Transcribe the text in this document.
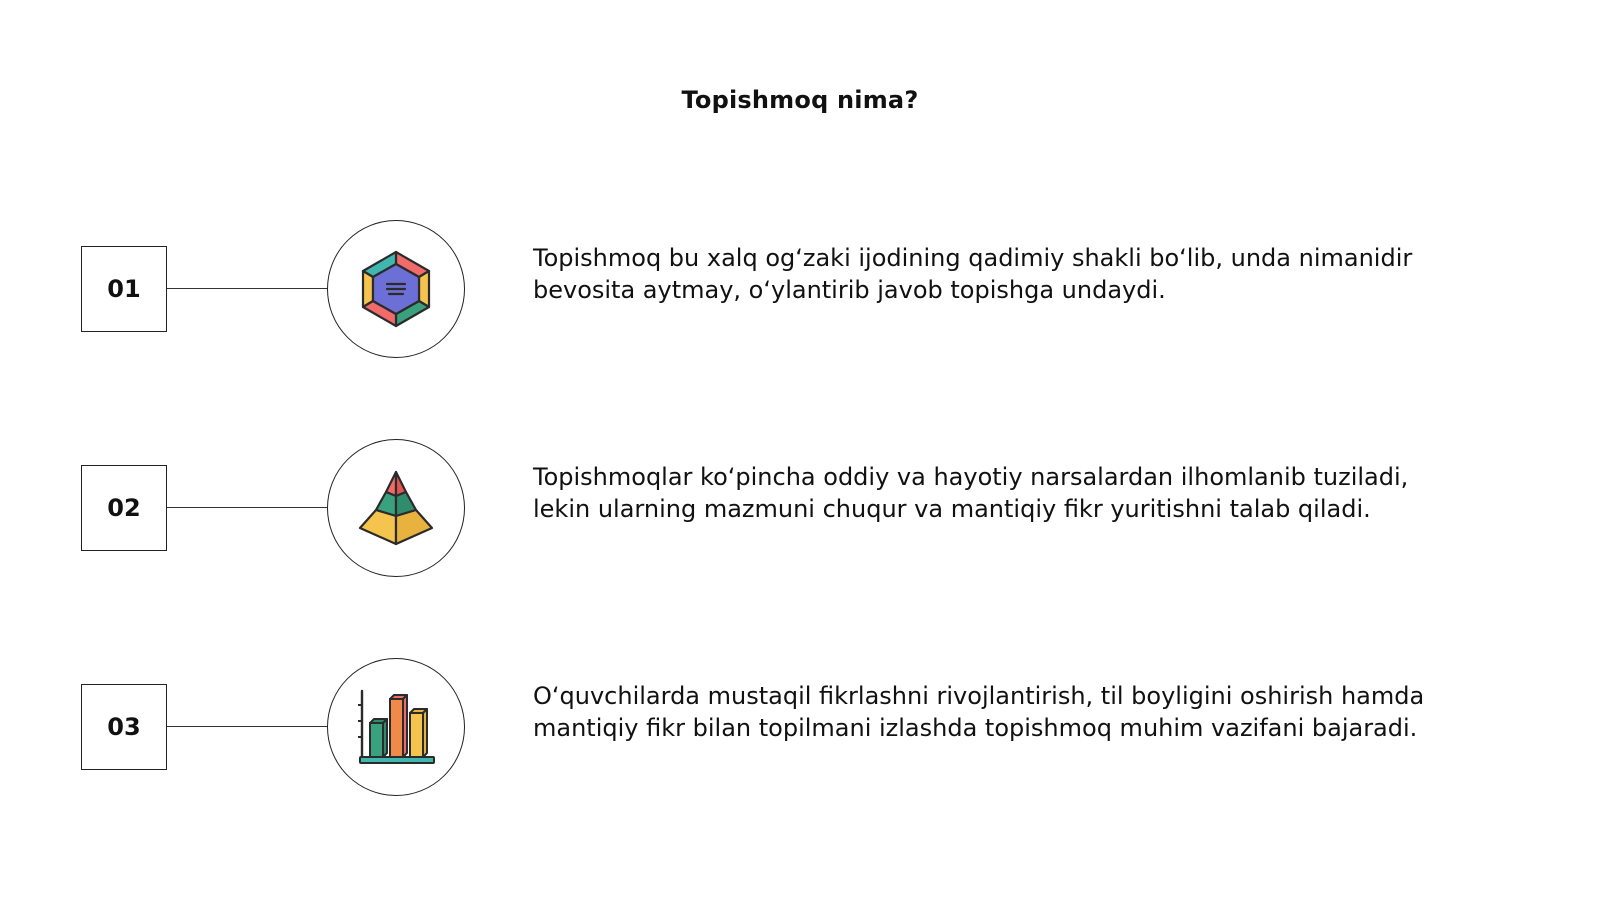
Topishmoq nima?
01
Topishmoq bu xalq og‘zaki ijodining qadimiy shakli bo‘lib, unda nimanidir bevosita aytmay, o‘ylantirib javob topishga undaydi.
02
Topishmoqlar ko‘pincha oddiy va hayotiy narsalardan ilhomlanib tuziladi, lekin ularning mazmuni chuqur va mantiqiy fikr yuritishni talab qiladi.
03
O‘quvchilarda mustaqil fikrlashni rivojlantirish, til boyligini oshirish hamda mantiqiy fikr bilan topilmani izlashda topishmoq muhim vazifani bajaradi.
